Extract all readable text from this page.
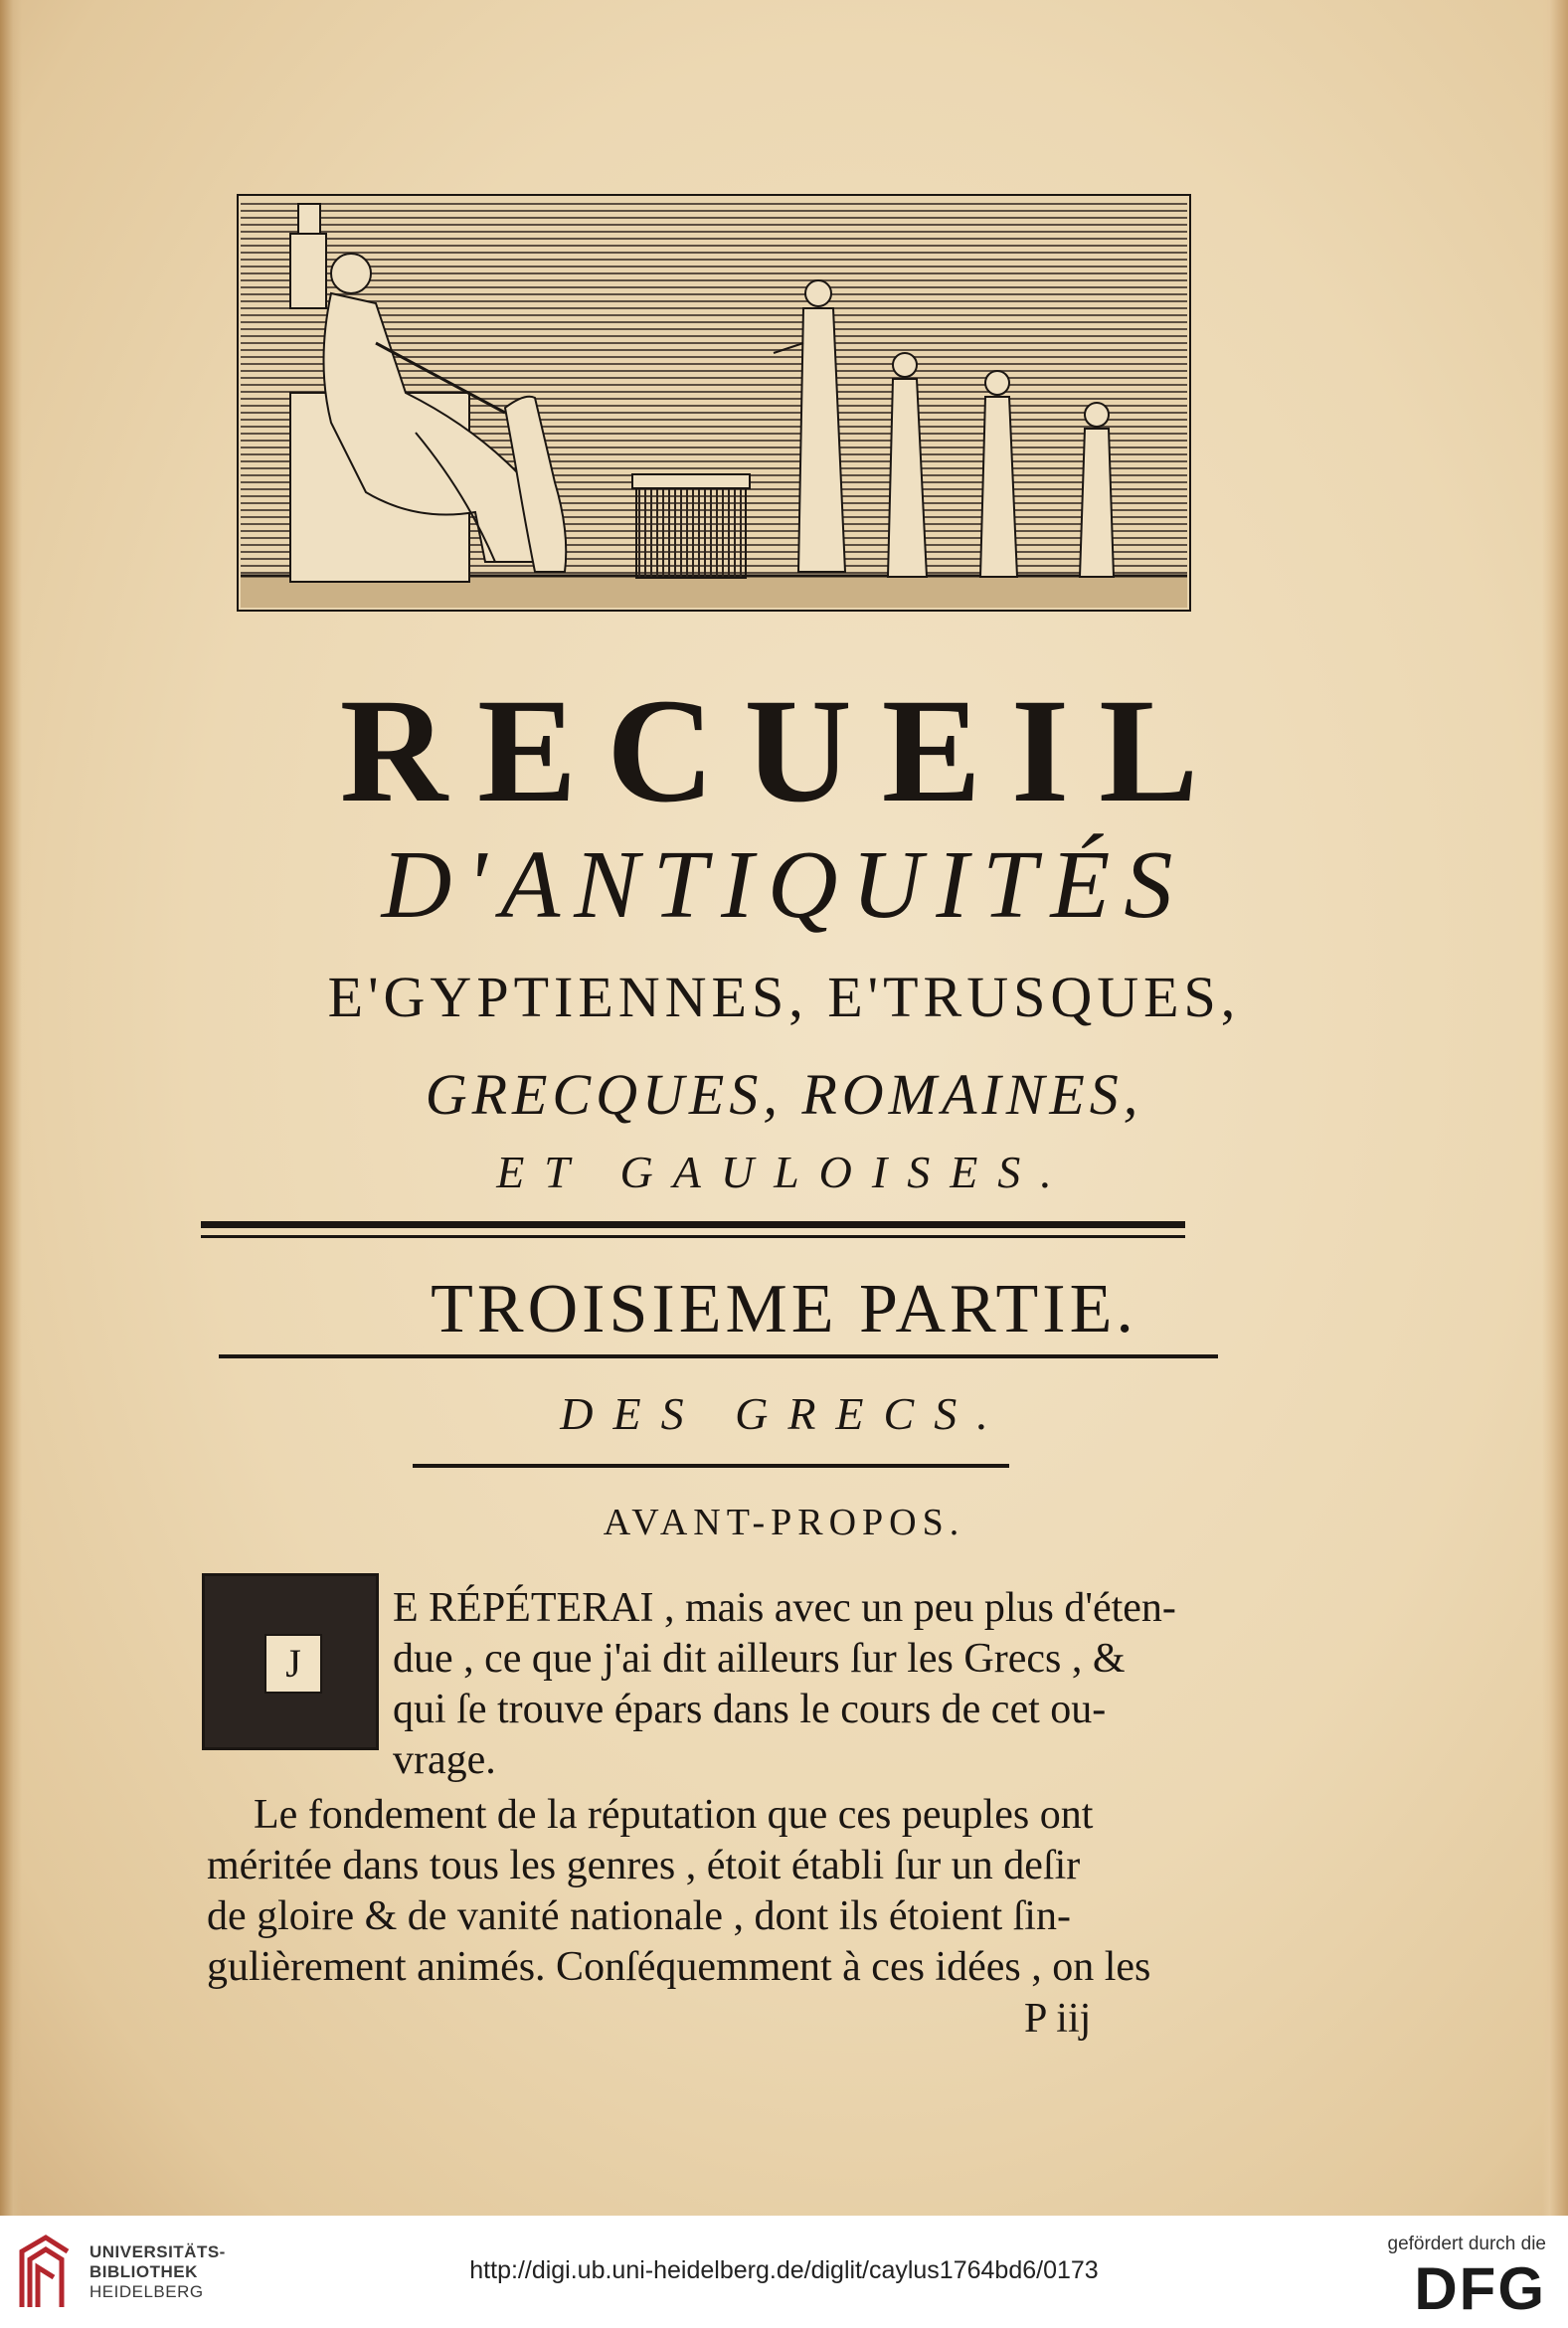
RECUEIL
D'ANTIQUITÉS
E'GYPTIENNES, E'TRUSQUES,
GRECQUES, ROMAINES,
ET GAULOISES.
TROISIEME PARTIE.
DES GRECS.
AVANT-PROPOS.
J
E RÉPÉTERAI , mais avec un peu plus d'éten-
due , ce que j'ai dit ailleurs ſur les Grecs , &
qui ſe trouve épars dans le cours de cet ou-
vrage.
Le fondement de la réputation que ces peuples ont
méritée dans tous les genres , étoit établi ſur un deſir
de gloire & de vanité nationale , dont ils étoient ſin-
gulièrement animés. Conſéquemment à ces idées , on les
P iij
UNIVERSITÄTS-
BIBLIOTHEK
HEIDELBERG
http://digi.ub.uni-heidelberg.de/diglit/caylus1764bd6/0173
gefördert durch die
DFG
